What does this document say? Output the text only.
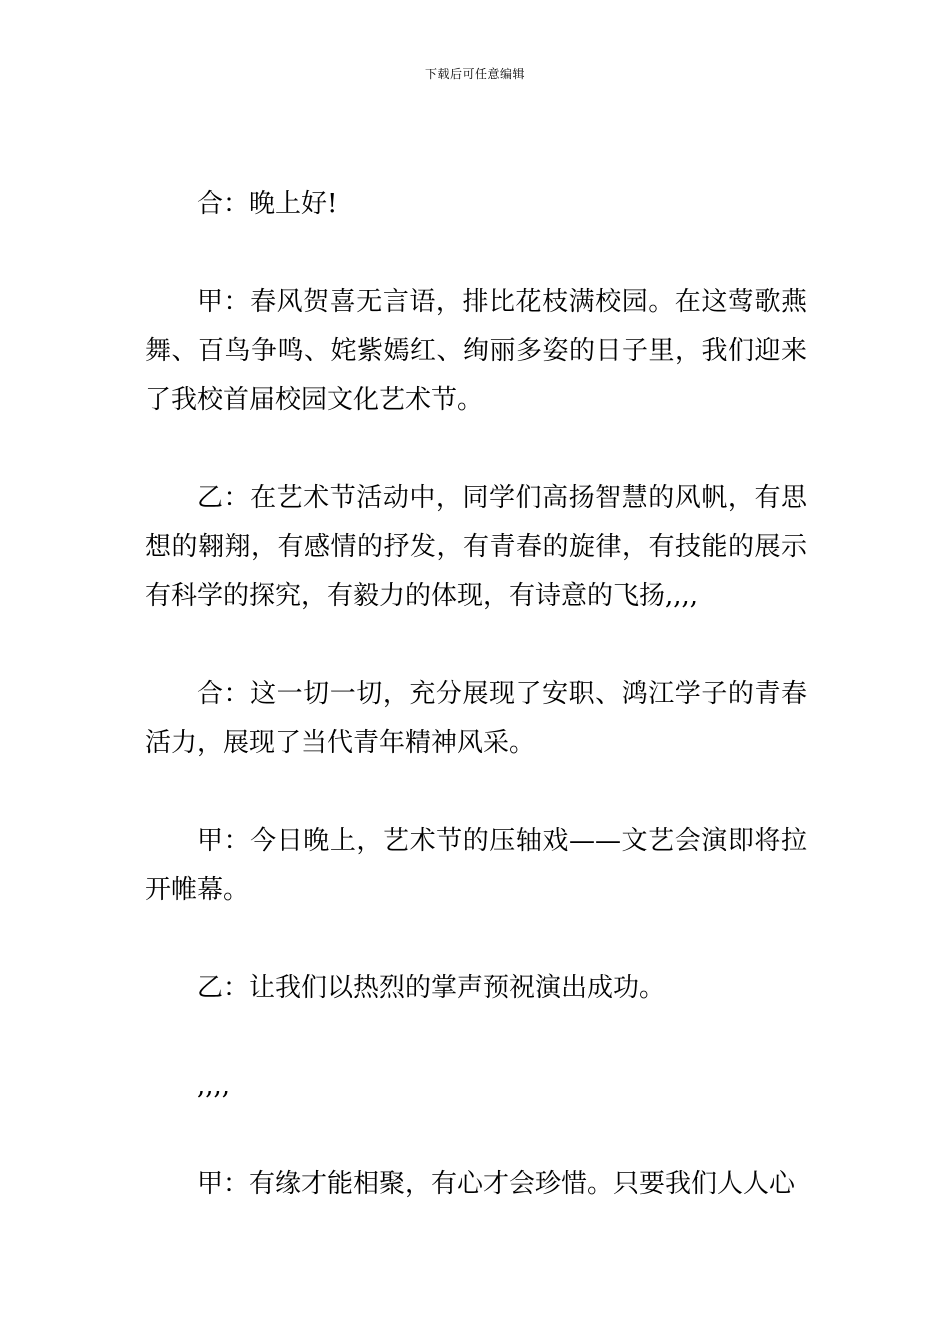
下载后可任意编辑

合：晚上好!

甲：春风贺喜无言语，排比花枝满校园。在这莺歌燕舞、百鸟争鸣、姹紫嫣红、绚丽多姿的日子里，我们迎来了我校首届校园文化艺术节。

乙：在艺术节活动中，同学们高扬智慧的风帆，有思想的翱翔，有感情的抒发，有青春的旋律，有技能的展示有科学的探究，有毅力的体现，有诗意的飞扬,,,,

合：这一切一切，充分展现了安职、鸿江学子的青春活力，展现了当代青年精神风采。

甲：今日晚上，艺术节的压轴戏——文艺会演即将拉开帷幕。

乙：让我们以热烈的掌声预祝演出成功。

,,,,

甲：有缘才能相聚，有心才会珍惜。只要我们人人心
